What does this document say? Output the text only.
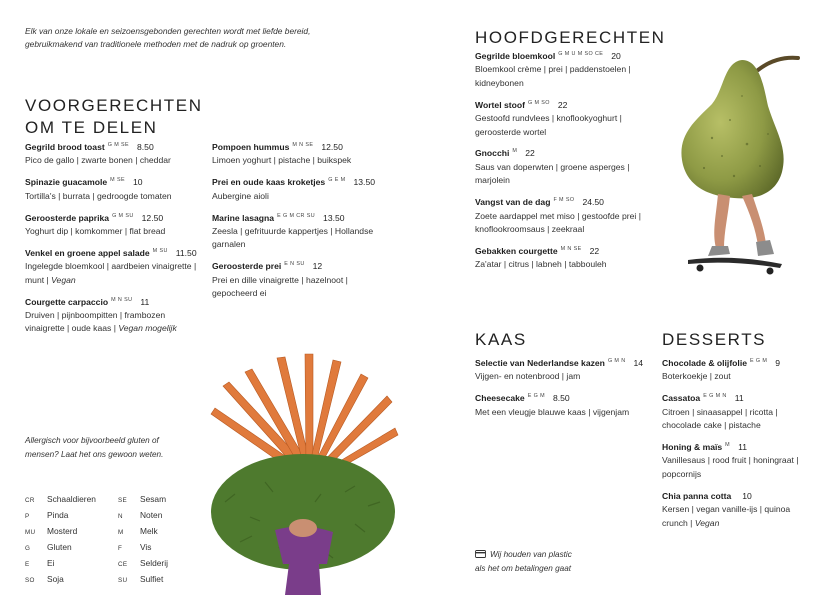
Elk van onze lokale en seizoensgebonden gerechten wordt met liefde bereid, gebruikmakend van traditionele methoden met de nadruk op groenten.
VOORGERECHTEN
OM TE DELEN
Gegrild brood toast $^{G M SE}$ 8.50
Pico de gallo | zwarte bonen | cheddar
Spinazie guacamole $^{M SE}$ 10
Tortilla's | burrata | gedroogde tomaten
Geroosterde paprika $^{G M SU}$ 12.50
Yoghurt dip | komkommer | flat bread
Venkel en groene appel salade $^{M SU}$ 11.50
Ingelegde bloemkool | aardbeien vinaigrette | munt | Vegan
Courgette carpaccio $^{M N SU}$ 11
Druiven | pijnboompitten | frambozen vinaigrette | oude kaas | Vegan mogelijk
Pompoen hummus $^{M N SE}$ 12.50
Limoen yoghurt | pistache | buikspek
Prei en oude kaas kroketjes $^{G E M}$ 13.50
Aubergine aioli
Marine lasagna $^{E G M CR SU}$ 13.50
Zeesla | gefrituurde kappertjes | Hollandse garnalen
Geroosterde prei $^{E N SU}$ 12
Prei en dille vinaigrette | hazelnoot | gepocheerd ei
HOOFDGERECHTEN
Gegrilde bloemkool $^{G M U M SO CE}$ 20
Bloemkool crème | prei | paddenstoelen | kidneybonen
Wortel stoof $^{G M SO}$ 22
Gestoofd rundvlees | knoflookyoghurt | geroosterde wortel
Gnocchi $^M$ 22
Saus van doperwten | groene asperges | marjolein
Vangst van de dag $^{F M SO}$ 24.50
Zoete aardappel met miso | gestoofde prei | knoflookroomsaus | zeekraal
Gebakken courgette $^{M N SE}$ 22
Za'atar | citrus | labneh | tabbouleh
KAAS
Selectie van Nederlandse kazen $^{G M N}$ 14
Vijgen- en notenbrood | jam
Cheesecake $^{E G M}$ 8.50
Met een vleugje blauwe kaas | vijgenjam
DESSERTS
Chocolade & olijfolie $^{E G M}$ 9
Boterkoekje | zout
Cassatoa $^{E G M N}$ 11
Citroen | sinaasappel | ricotta | chocolade cake | pistache
Honing & maïs $^M$ 11
Vanillesaus | rood fruit | honingraat | popcornijs
Chia panna cotta 10
Kersen | vegan vanille-ijs | quinoa crunch | Vegan
Allergisch voor bijvoorbeeld gluten of mensen? Laat het ons gewoon weten.
CR Schaaldieren
P Pinda
MU Mosterd
G Gluten
E Ei
SO Soja
SE Sesam
N Noten
M Melk
F Vis
CE Selderij
SU Sulfiet
Wij houden van plastic
als het om betalingen gaat
